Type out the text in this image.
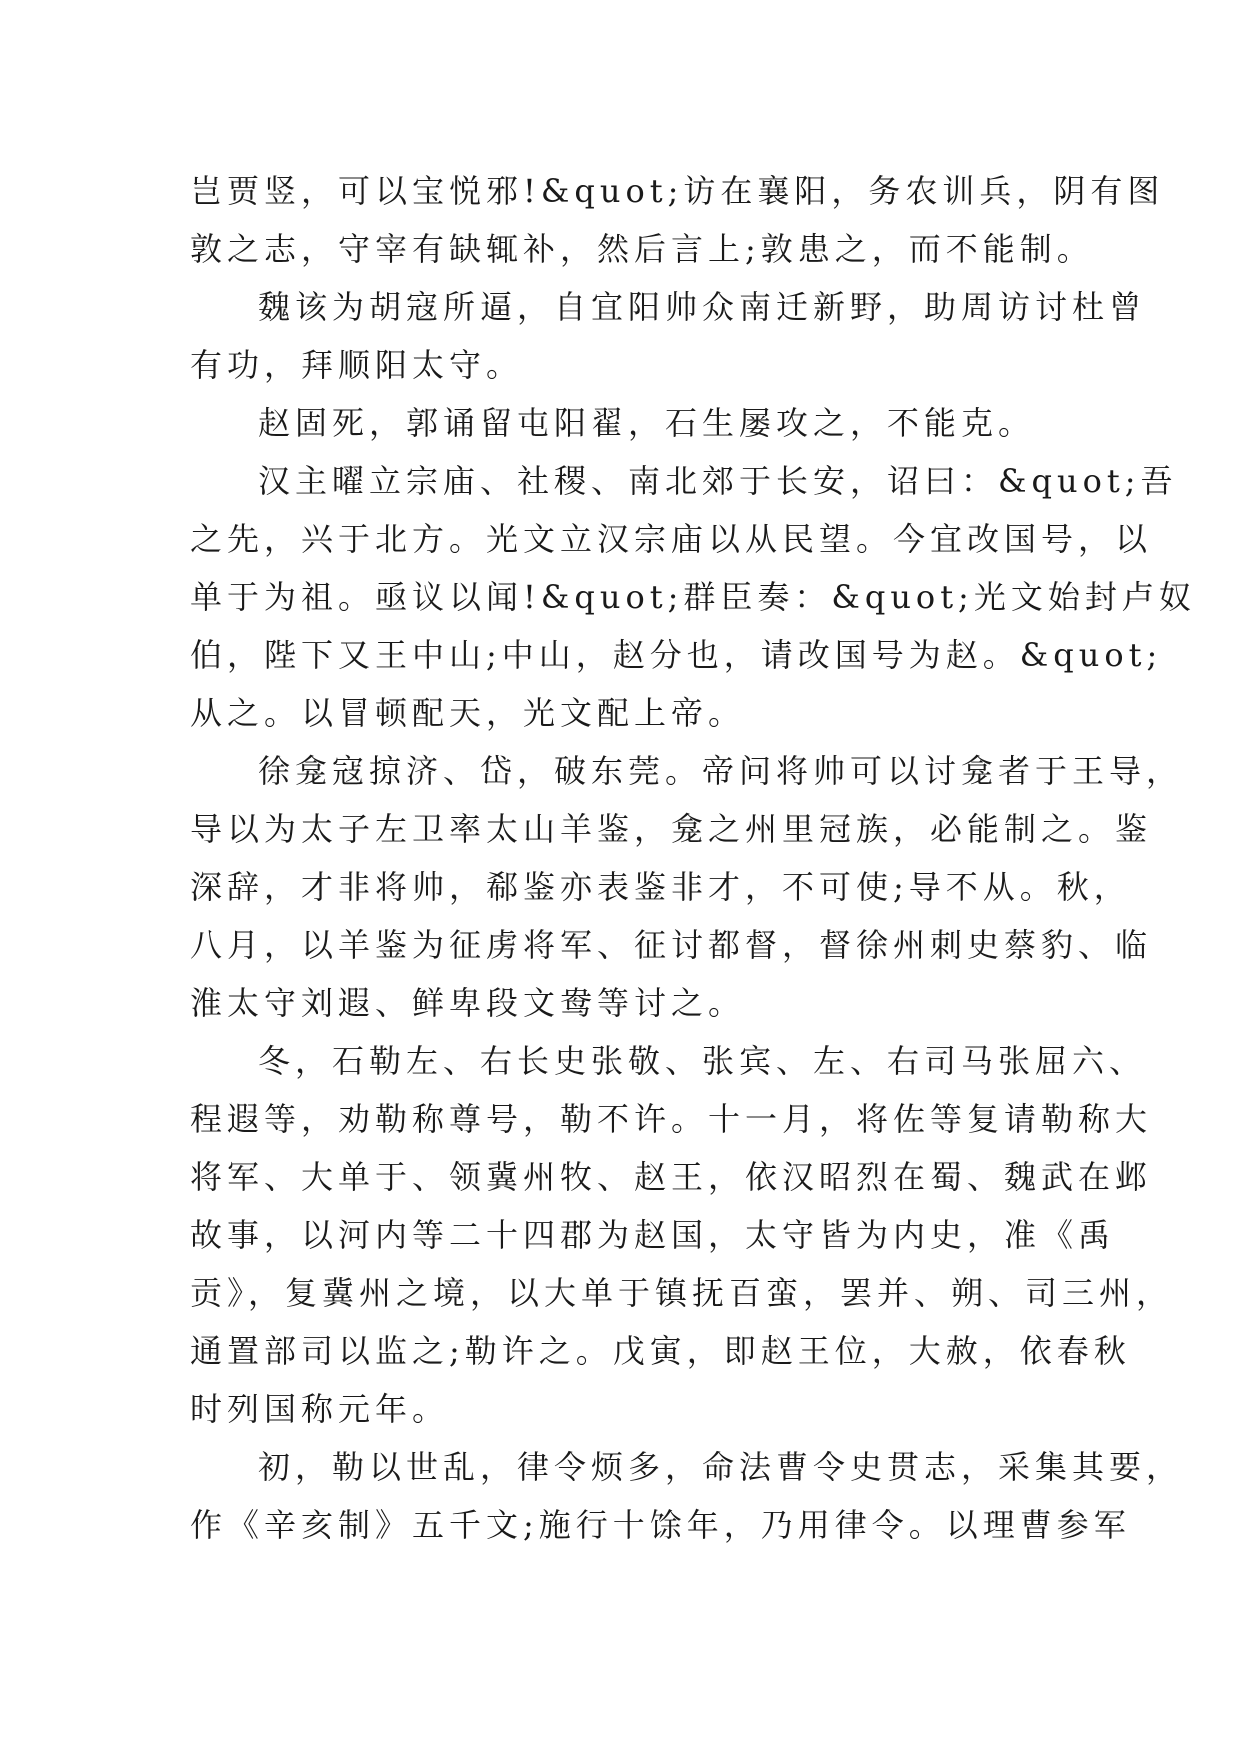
岂贾竖，可以宝悦邪!&quot;访在襄阳，务农训兵，阴有图
敦之志，守宰有缺辄补，然后言上;敦患之，而不能制。
魏该为胡寇所逼，自宜阳帅众南迁新野，助周访讨杜曾
有功，拜顺阳太守。
赵固死，郭诵留屯阳翟，石生屡攻之，不能克。
汉主曜立宗庙、社稷、南北郊于长安，诏曰：&quot;吾
之先，兴于北方。光文立汉宗庙以从民望。今宜改国号，以
单于为祖。亟议以闻!&quot;群臣奏：&quot;光文始封卢奴
伯，陛下又王中山;中山，赵分也，请改国号为赵。&quot;
从之。以冒顿配天，光文配上帝。
徐龛寇掠济、岱，破东莞。帝问将帅可以讨龛者于王导，
导以为太子左卫率太山羊鉴，龛之州里冠族，必能制之。鉴
深辞，才非将帅，郗鉴亦表鉴非才，不可使;导不从。秋，
八月，以羊鉴为征虏将军、征讨都督，督徐州刺史蔡豹、临
淮太守刘遐、鲜卑段文鸯等讨之。
冬，石勒左、右长史张敬、张宾、左、右司马张屈六、
程遐等，劝勒称尊号，勒不许。十一月，将佐等复请勒称大
将军、大单于、领冀州牧、赵王，依汉昭烈在蜀、魏武在邺
故事，以河内等二十四郡为赵国，太守皆为内史，准《禹
贡》，复冀州之境，以大单于镇抚百蛮，罢并、朔、司三州，
通置部司以监之;勒许之。戊寅，即赵王位，大赦，依春秋
时列国称元年。
初，勒以世乱，律令烦多，命法曹令史贯志，采集其要，
作《辛亥制》五千文;施行十馀年，乃用律令。以理曹参军
